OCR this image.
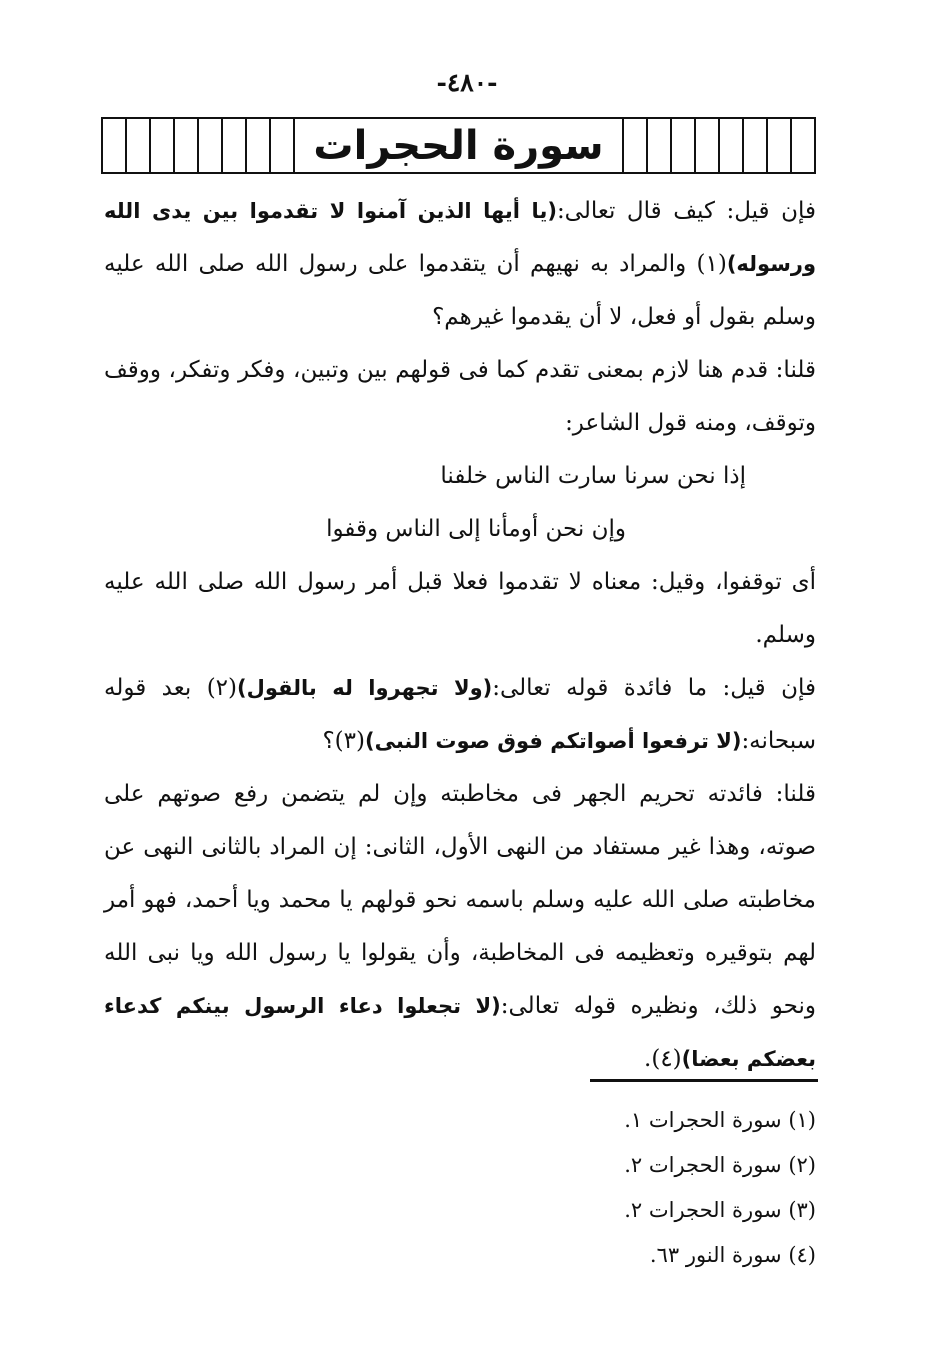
-٤٨٠-
سورة الحجرات

فإن قيل: كيف قال تعالى:(يا أيها الذين آمنوا لا تقدموا بين يدى الله ورسوله)(١) والمراد به نهيهم أن يتقدموا على رسول الله صلى الله عليه وسلم بقول أو فعل، لا أن يقدموا غيرهم؟

قلنا: قدم هنا لازم بمعنى تقدم كما فى قولهم بين وتبين، وفكر وتفكر، ووقف وتوقف، ومنه قول الشاعر:

إذا نحن سرنا سارت الناس خلفنا

وإن نحن أومأنا إلى الناس وقفوا

أى توقفوا، وقيل: معناه لا تقدموا فعلا قبل أمر رسول الله صلى الله عليه وسلم.

فإن قيل: ما فائدة قوله تعالى:(ولا تجهروا له بالقول)(٢) بعد قوله سبحانه:(لا ترفعوا أصواتكم فوق صوت النبى)(٣)؟

قلنا: فائدته تحريم الجهر فى مخاطبته وإن لم يتضمن رفع صوتهم على صوته، وهذا غير مستفاد من النهى الأول، الثانى: إن المراد بالثانى النهى عن مخاطبته صلى الله عليه وسلم باسمه نحو قولهم يا محمد ويا أحمد، فهو أمر لهم بتوقيره وتعظيمه فى المخاطبة، وأن يقولوا يا رسول الله ويا نبى الله ونحو ذلك، ونظيره قوله تعالى:(لا تجعلوا دعاء الرسول بينكم كدعاء بعضكم بعضا)(٤).

(١) سورة الحجرات ١.
(٢) سورة الحجرات ٢.
(٣) سورة الحجرات ٢.
(٤) سورة النور ٦٣.
